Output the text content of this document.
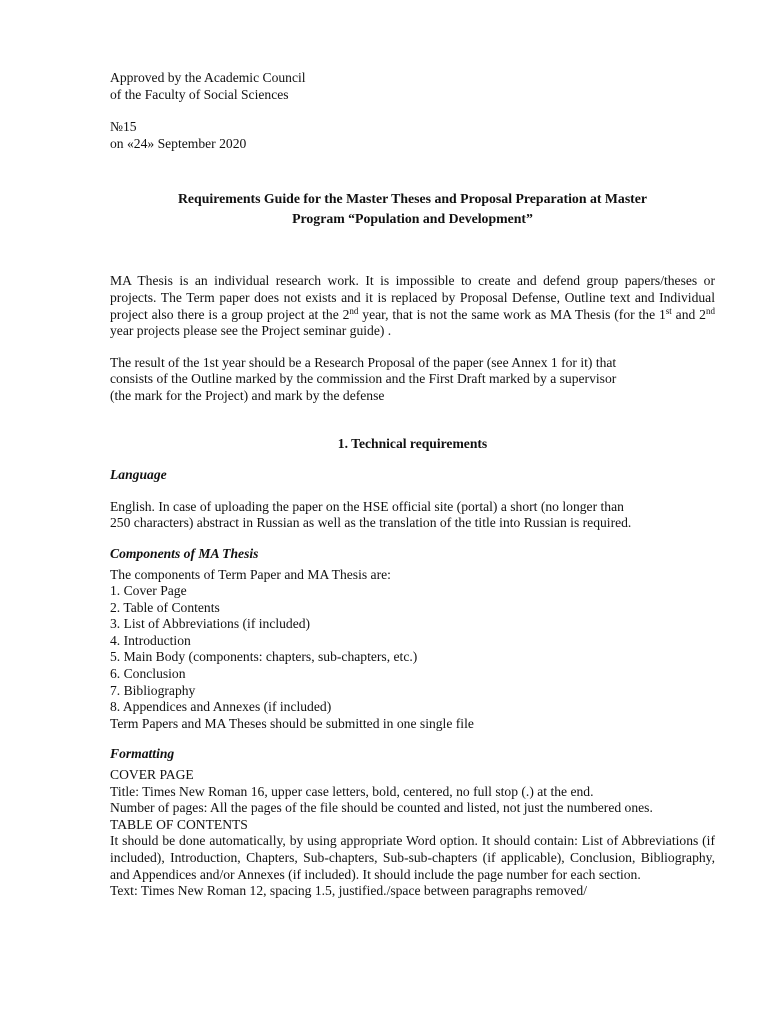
Approved by the Academic Council

of the Faculty of Social Sciences

№15

on «24» September 2020

Requirements Guide for the Master Theses and Proposal Preparation at Master
Program “Population and Development”

MA Thesis is an individual research work. It is impossible to create and defend group papers/theses or projects. The Term paper does not exists and it is replaced by Proposal Defense, Outline text and Individual project also there is a group project at the 2nd year, that is not the same work as MA Thesis (for the 1st and 2nd year projects please see the Project seminar guide) .

The result of the 1st year should be a Research Proposal of the paper (see Annex 1 for it) that

consists of the Outline marked by the commission and the First Draft marked by a supervisor

(the mark for the Project) and mark by the defense

1. Technical requirements
Language

English. In case of uploading the paper on the HSE official site (portal) a short (no longer than

250 characters) abstract in Russian as well as the translation of the title into Russian is required.

Components of MA Thesis

The components of Term Paper and MA Thesis are:

1. Cover Page

2. Table of Contents

3. List of Abbreviations (if included)

4. Introduction

5. Main Body (components: chapters, sub-chapters, etc.)

6. Conclusion

7. Bibliography

8. Appendices and Annexes (if included)

Term Papers and MA Theses should be submitted in one single file

Formatting

COVER PAGE

Title: Times New Roman 16, upper case letters, bold, centered, no full stop (.) at the end.

Number of pages: All the pages of the file should be counted and listed, not just the numbered ones.

TABLE OF CONTENTS

It should be done automatically, by using appropriate Word option. It should contain: List of Abbreviations (if included), Introduction, Chapters, Sub-chapters, Sub-sub-chapters (if applicable), Conclusion, Bibliography, and Appendices and/or Annexes (if included). It should include the page number for each section.

Text: Times New Roman 12, spacing 1.5, justified./space between paragraphs removed/
